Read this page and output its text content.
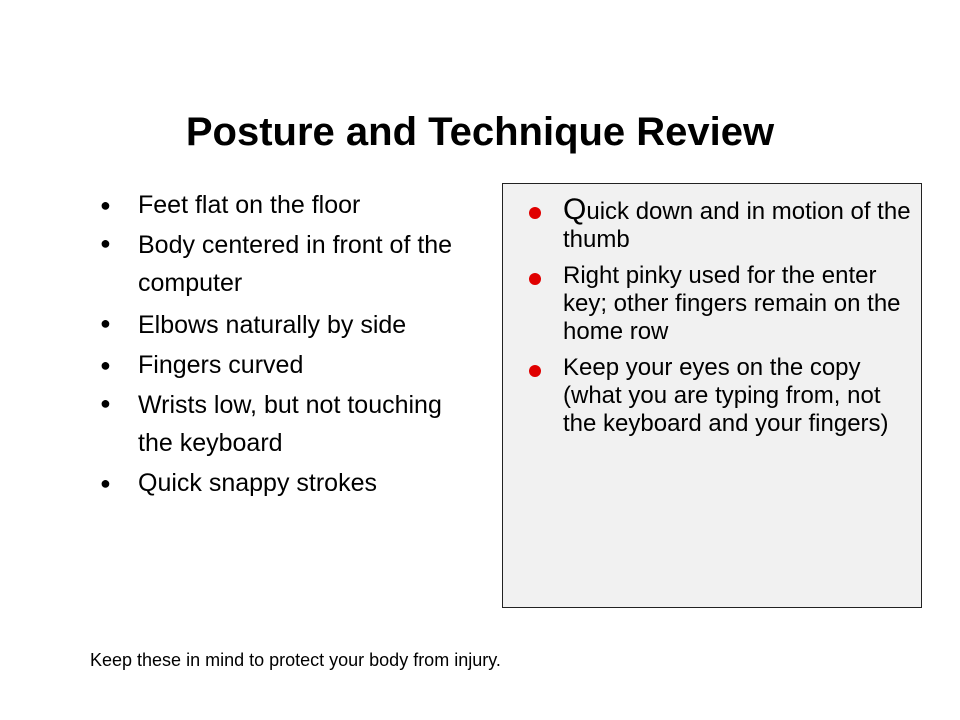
Posture and Technique Review
●	Feet flat on the floor
●	Body centered in front of the computer
●	Elbows naturally by side
●	Fingers curved
●	Wrists low, but not touching the keyboard
●	Quick snappy strokes
Quick down and in motion of the thumb
Right pinky used for the enter key; other fingers remain on the home row
Keep your eyes on the copy (what you are typing from, not the keyboard and your fingers)

Keep these in mind to protect your body from injury.
